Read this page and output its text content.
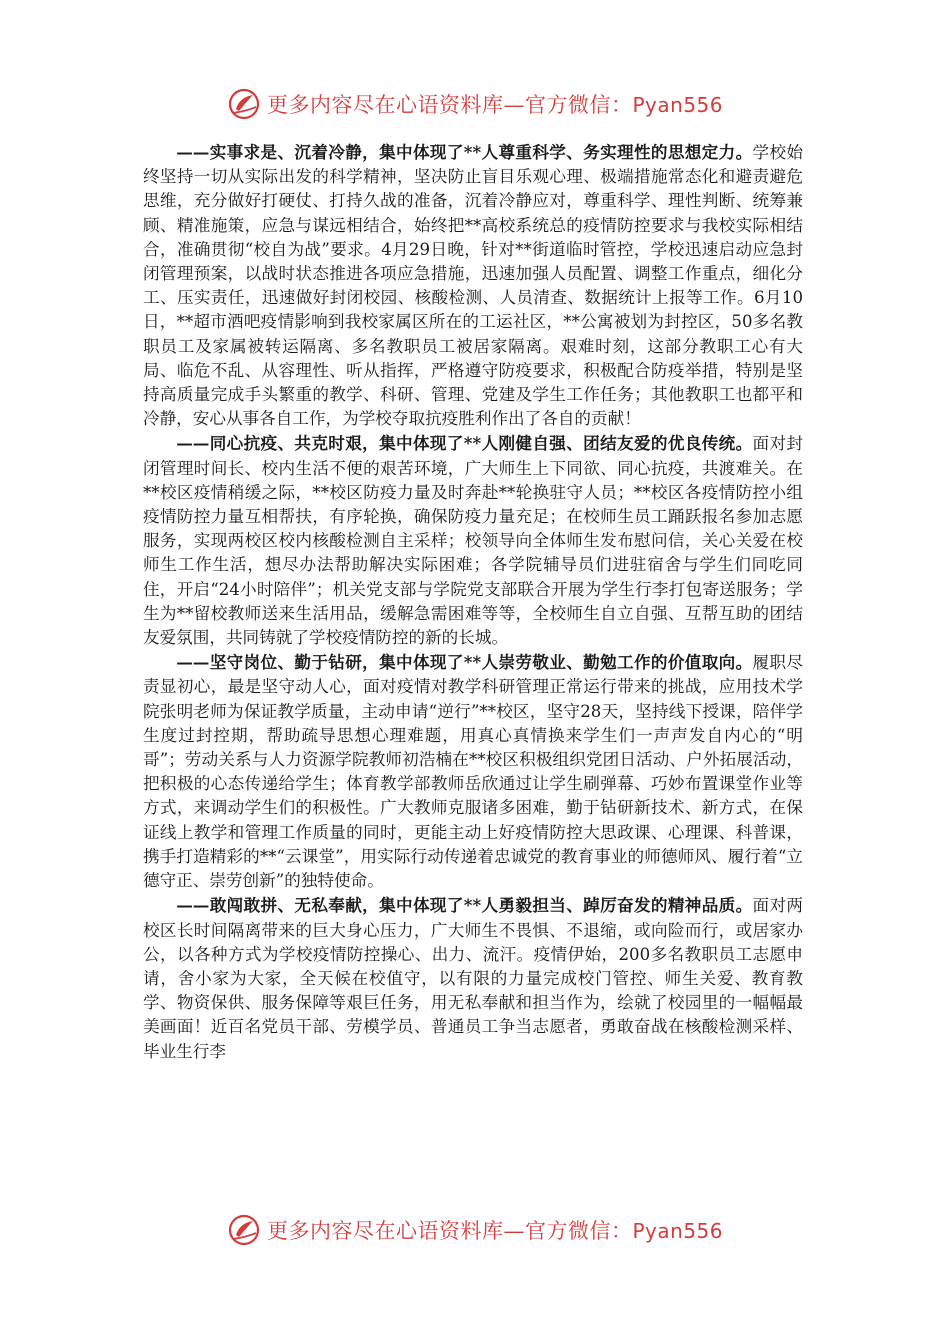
更多内容尽在心语资料库—官方微信：Pyan556

——实事求是、沉着冷静，集中体现了**人尊重科学、务实理性的思想定力。学校始终坚持一切从实际出发的科学精神，坚决防止盲目乐观心理、极端措施常态化和避责避危思维，充分做好打硬仗、打持久战的准备，沉着冷静应对，尊重科学、理性判断、统筹兼顾、精准施策，应急与谋远相结合，始终把**高校系统总的疫情防控要求与我校实际相结合，准确贯彻“校自为战”要求。4月29日晚，针对**街道临时管控，学校迅速启动应急封闭管理预案，以战时状态推进各项应急措施，迅速加强人员配置、调整工作重点，细化分工、压实责任，迅速做好封闭校园、核酸检测、人员清查、数据统计上报等工作。6月10日，**超市酒吧疫情影响到我校家属区所在的工运社区，**公寓被划为封控区，50多名教职员工及家属被转运隔离、多名教职员工被居家隔离。艰难时刻，这部分教职工心有大局、临危不乱、从容理性、听从指挥，严格遵守防疫要求，积极配合防疫举措，特别是坚持高质量完成手头繁重的教学、科研、管理、党建及学生工作任务；其他教职工也都平和冷静，安心从事各自工作，为学校夺取抗疫胜利作出了各自的贡献！

——同心抗疫、共克时艰，集中体现了**人刚健自强、团结友爱的优良传统。面对封闭管理时间长、校内生活不便的艰苦环境，广大师生上下同欲、同心抗疫，共渡难关。在**校区疫情稍缓之际，**校区防疫力量及时奔赴**轮换驻守人员；**校区各疫情防控小组疫情防控力量互相帮扶，有序轮换，确保防疫力量充足；在校师生员工踊跃报名参加志愿服务，实现两校区校内核酸检测自主采样；校领导向全体师生发布慰问信，关心关爱在校师生工作生活，想尽办法帮助解决实际困难；各学院辅导员们进驻宿舍与学生们同吃同住，开启“24小时陪伴”；机关党支部与学院党支部联合开展为学生行李打包寄送服务；学生为**留校教师送来生活用品，缓解急需困难等等，全校师生自立自强、互帮互助的团结友爱氛围，共同铸就了学校疫情防控的新的长城。

——坚守岗位、勤于钻研，集中体现了**人崇劳敬业、勤勉工作的价值取向。履职尽责显初心，最是坚守动人心，面对疫情对教学科研管理正常运行带来的挑战，应用技术学院张明老师为保证教学质量，主动申请“逆行”**校区，坚守28天，坚持线下授课，陪伴学生度过封控期，帮助疏导思想心理难题，用真心真情换来学生们一声声发自内心的“明哥”；劳动关系与人力资源学院教师初浩楠在**校区积极组织党团日活动、户外拓展活动，把积极的心态传递给学生；体育教学部教师岳欣通过让学生刷弹幕、巧妙布置课堂作业等方式，来调动学生们的积极性。广大教师克服诸多困难，勤于钻研新技术、新方式，在保证线上教学和管理工作质量的同时，更能主动上好疫情防控大思政课、心理课、科普课，携手打造精彩的**“云课堂”，用实际行动传递着忠诚党的教育事业的师德师风、履行着“立德守正、崇劳创新”的独特使命。

——敢闯敢拼、无私奉献，集中体现了**人勇毅担当、踔厉奋发的精神品质。面对两校区长时间隔离带来的巨大身心压力，广大师生不畏惧、不退缩，或向险而行，或居家办公，以各种方式为学校疫情防控操心、出力、流汗。疫情伊始，200多名教职员工志愿申请，舍小家为大家，全天候在校值守，以有限的力量完成校门管控、师生关爱、教育教学、物资保供、服务保障等艰巨任务，用无私奉献和担当作为，绘就了校园里的一幅幅最美画面！近百名党员干部、劳模学员、普通员工争当志愿者，勇敢奋战在核酸检测采样、毕业生行李

更多内容尽在心语资料库—官方微信：Pyan556
